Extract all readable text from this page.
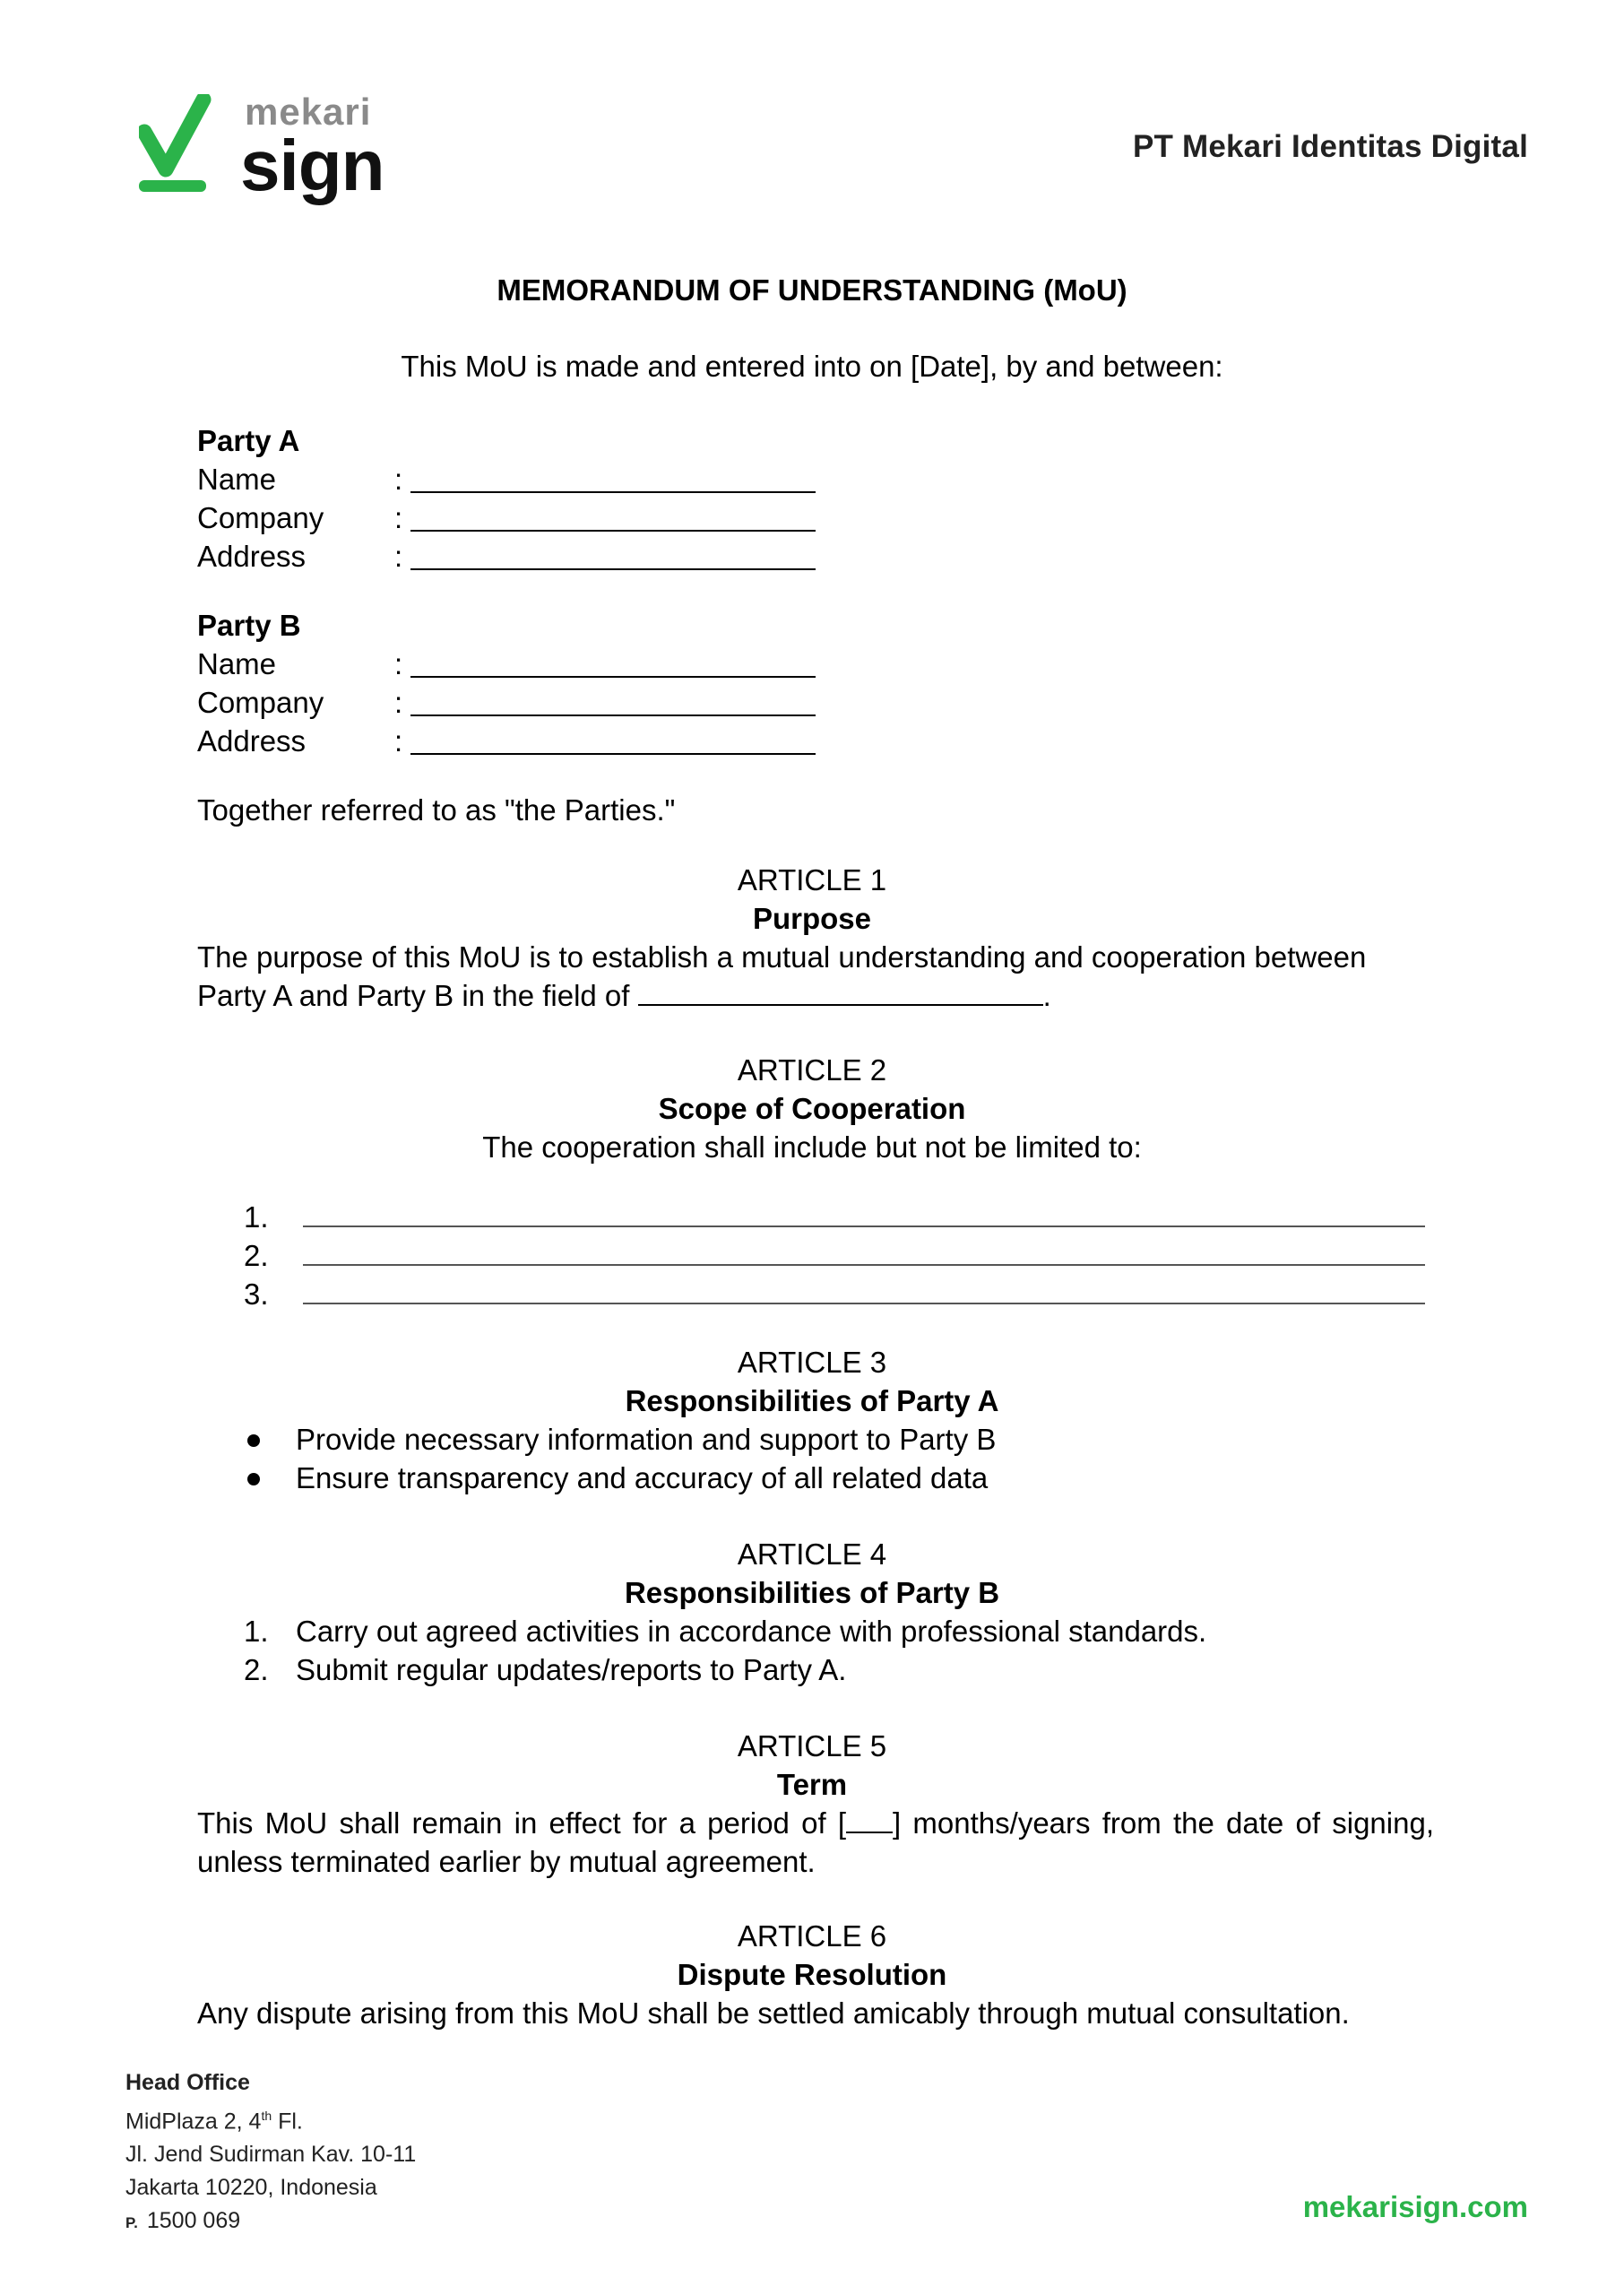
mekari
sign	PT Mekari Identitas Digital
MEMORANDUM OF UNDERSTANDING (MoU)
This MoU is made and entered into on [Date], by and between:
Party A
Name	:
Company	:
Address	:
Party B
Name	:
Company	:
Address	:
Together referred to as "the Parties."
ARTICLE 1
Purpose
The purpose of this MoU is to establish a mutual understanding and cooperation between Party A and Party B in the field of	.
ARTICLE 2
Scope of Cooperation
The cooperation shall include but not be limited to:
1.
2.
3.
ARTICLE 3
Responsibilities of Party A
Provide necessary information and support to Party B
Ensure transparency and accuracy of all related data
ARTICLE 4
Responsibilities of Party B
1. Carry out agreed activities in accordance with professional standards.
2. Submit regular updates/reports to Party A.
ARTICLE 5
Term
This MoU shall remain in effect for a period of [ ] months/years from the date of signing, unless terminated earlier by mutual agreement.
ARTICLE 6
Dispute Resolution
Any dispute arising from this MoU shall be settled amicably through mutual consultation.
Head Office
MidPlaza 2, 4th Fl.
Jl. Jend Sudirman Kav. 10-11
Jakarta 10220, Indonesia
P. 1500 069	mekarisign.com
